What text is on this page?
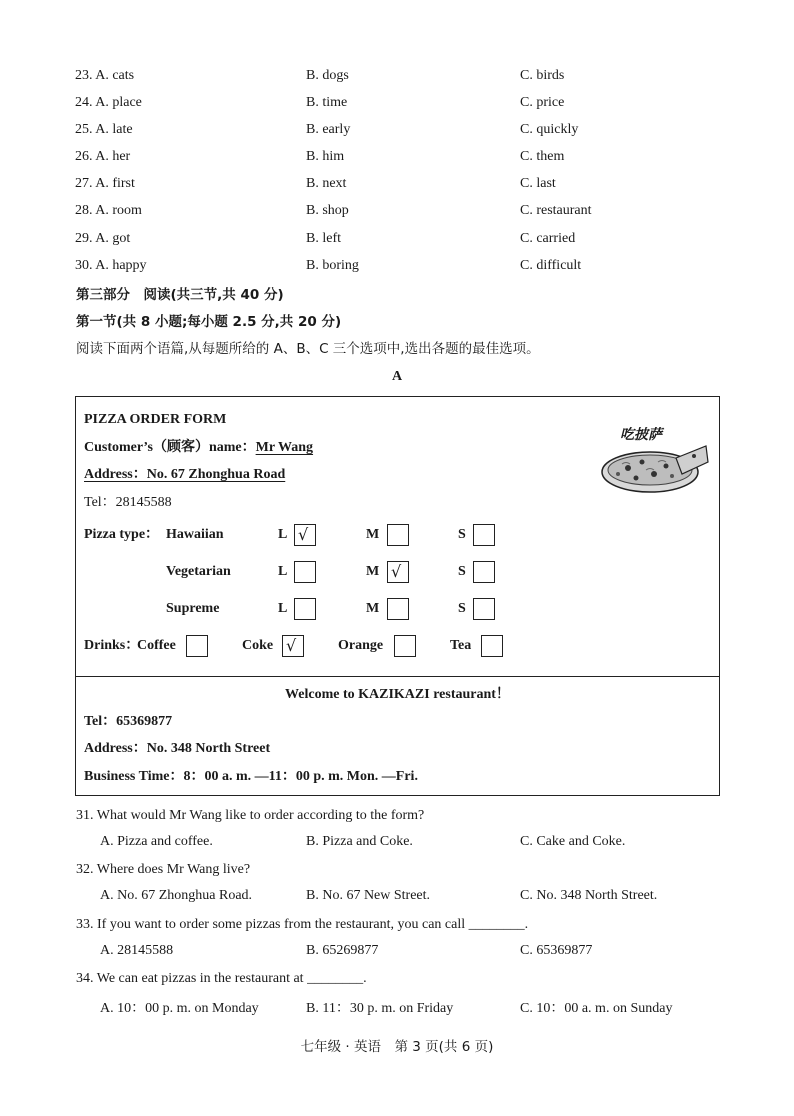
23. A. cats	B. dogs	C. birds
24. A. place	B. time	C. price
25. A. late	B. early	C. quickly
26. A. her	B. him	C. them
27. A. first	B. next	C. last
28. A. room	B. shop	C. restaurant
29. A. got	B. left	C. carried
30. A. happy	B. boring	C. difficult
第三部分　阅读(共三节,共 40 分)
第一节(共 8 小题;每小题 2.5 分,共 20 分)
阅读下面两个语篇,从每题所给的 A、B、C 三个选项中,选出各题的最佳选项。
A
PIZZA ORDER FORM
Customer’s（顾客）name：Mr Wang
Address：No. 67 Zhonghua Road
Tel：28145588
吃披萨
Pizza type： Hawaiian	L √	M	S
Vegetarian	L	M √	S
Supreme	L	M	S
Drinks：
Coffee	Coke √	Orange	Tea
Welcome to KAZIKAZI restaurant！
Tel：65369877
Address：No. 348 North Street
Business Time：8：00 a. m. —11：00 p. m. Mon. —Fri.
31. What would Mr Wang like to order according to the form?
A. Pizza and coffee.	B. Pizza and Coke.	C. Cake and Coke.
32. Where does Mr Wang live?
A. No. 67 Zhonghua Road.	B. No. 67 New Street.	C. No. 348 North Street.
33. If you want to order some pizzas from the restaurant, you can call ________.
A. 28145588	B. 65269877	C. 65369877
34. We can eat pizzas in the restaurant at ________.
A. 10：00 p. m. on Monday	B. 11：30 p. m. on Friday	C. 10：00 a. m. on Sunday
七年级 · 英语　第 3 页(共 6 页)
